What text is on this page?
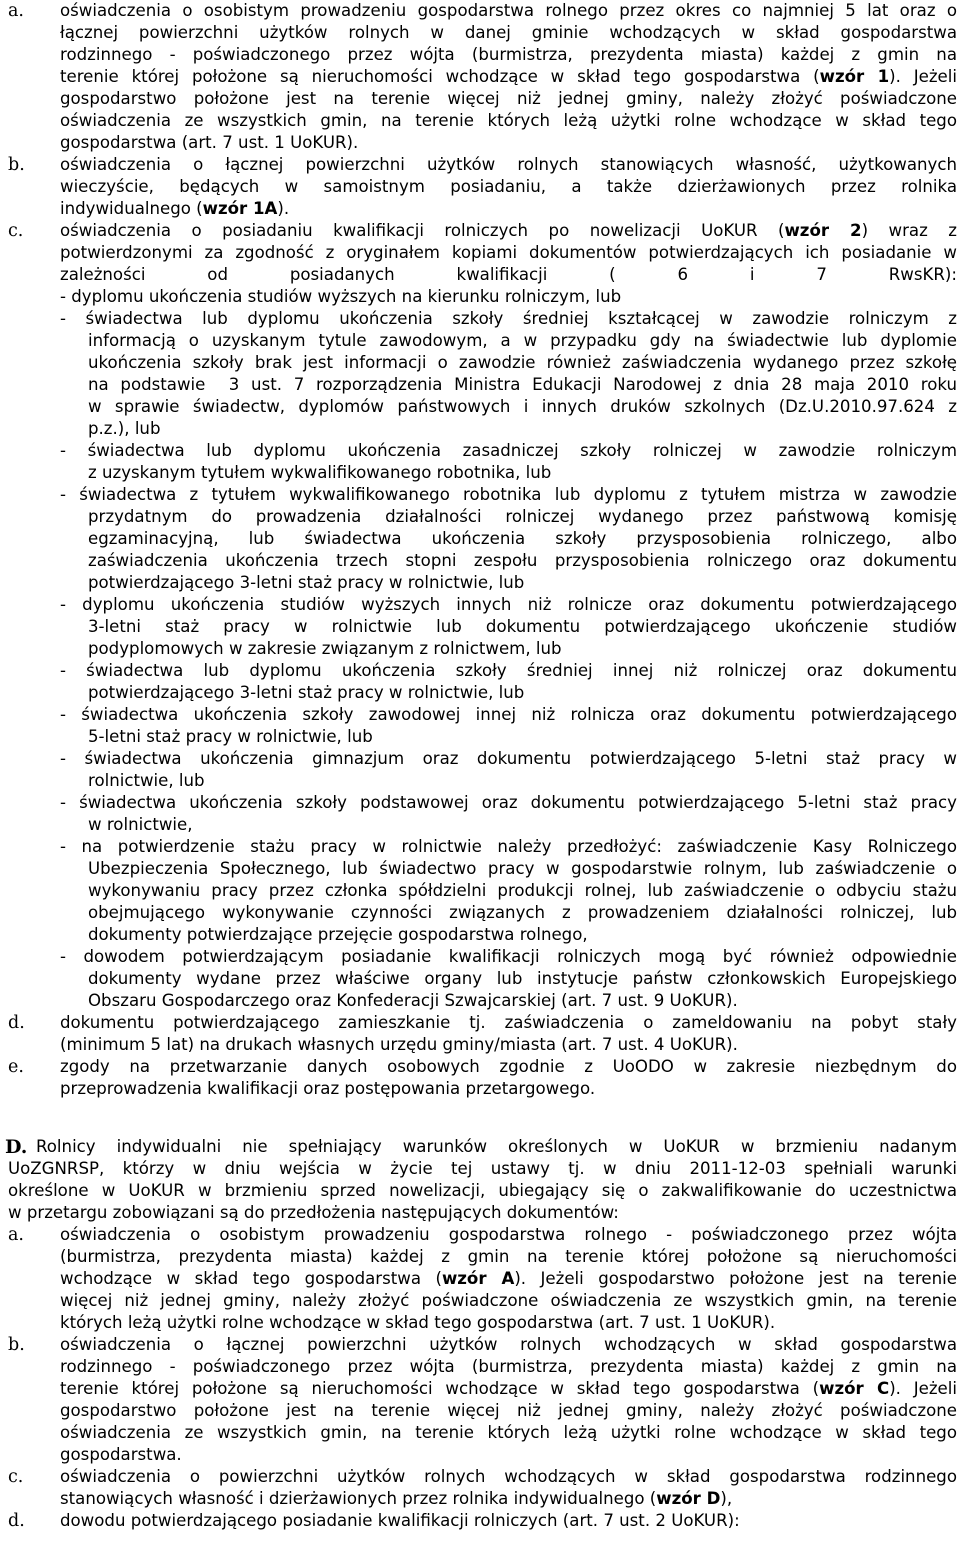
a. oświadczenia o osobistym prowadzeniu gospodarstwa rolnego przez okres co najmniej 5 lat oraz o
łącznej powierzchni użytków rolnych w danej gminie wchodzących w skład gospodarstwa
rodzinnego - poświadczonego przez wójta (burmistrza, prezydenta miasta) każdej z gmin na
terenie której położone są nieruchomości wchodzące w skład tego gospodarstwa (wzór 1). Jeżeli
gospodarstwo położone jest na terenie więcej niż jednej gminy, należy złożyć poświadczone
oświadczenia ze wszystkich gmin, na terenie których leżą użytki rolne wchodzące w skład tego
gospodarstwa (art. 7 ust. 1 UoKUR).
b. oświadczenia o łącznej powierzchni użytków rolnych stanowiących własność, użytkowanych
wieczyście, będących w samoistnym posiadaniu, a także dzierżawionych przez rolnika
indywidualnego (wzór 1A).
c. oświadczenia o posiadaniu kwalifikacji rolniczych po nowelizacji UoKUR (wzór 2) wraz z
potwierdzonymi za zgodność z oryginałem kopiami dokumentów potwierdzających ich posiadanie w
zależności od posiadanych kwalifikacji ( 6 i 7 RwsKR):
- dyplomu ukończenia studiów wyższych na kierunku rolniczym, lub
- świadectwa lub dyplomu ukończenia szkoły średniej kształcącej w zawodzie rolniczym z
informacją o uzyskanym tytule zawodowym, a w przypadku gdy na świadectwie lub dyplomie
ukończenia szkoły brak jest informacji o zawodzie również zaświadczenia wydanego przez szkołę
na podstawie  3 ust. 7 rozporządzenia Ministra Edukacji Narodowej z dnia 28 maja 2010 roku
w sprawie świadectw, dyplomów państwowych i innych druków szkolnych (Dz.U.2010.97.624 z
p.z.), lub
- świadectwa lub dyplomu ukończenia zasadniczej szkoły rolniczej w zawodzie rolniczym
z uzyskanym tytułem wykwalifikowanego robotnika, lub
- świadectwa z tytułem wykwalifikowanego robotnika lub dyplomu z tytułem mistrza w zawodzie
przydatnym do prowadzenia działalności rolniczej wydanego przez państwową komisję
egzaminacyjną, lub świadectwa ukończenia szkoły przysposobienia rolniczego, albo
zaświadczenia ukończenia trzech stopni zespołu przysposobienia rolniczego oraz dokumentu
potwierdzającego 3-letni staż pracy w rolnictwie, lub
- dyplomu ukończenia studiów wyższych innych niż rolnicze oraz dokumentu potwierdzającego
3-letni staż pracy w rolnictwie lub dokumentu potwierdzającego ukończenie studiów
podyplomowych w zakresie związanym z rolnictwem, lub
- świadectwa lub dyplomu ukończenia szkoły średniej innej niż rolniczej oraz dokumentu
potwierdzającego 3-letni staż pracy w rolnictwie, lub
- świadectwa ukończenia szkoły zawodowej innej niż rolnicza oraz dokumentu potwierdzającego
5-letni staż pracy w rolnictwie, lub
- świadectwa ukończenia gimnazjum oraz dokumentu potwierdzającego 5-letni staż pracy w
rolnictwie, lub
- świadectwa ukończenia szkoły podstawowej oraz dokumentu potwierdzającego 5-letni staż pracy
w rolnictwie,
- na potwierdzenie stażu pracy w rolnictwie należy przedłożyć: zaświadczenie Kasy Rolniczego
Ubezpieczenia Społecznego, lub świadectwo pracy w gospodarstwie rolnym, lub zaświadczenie o
wykonywaniu pracy przez członka spółdzielni produkcji rolnej, lub zaświadczenie o odbyciu stażu
obejmującego wykonywanie czynności związanych z prowadzeniem działalności rolniczej, lub
dokumenty potwierdzające przejęcie gospodarstwa rolnego,
- dowodem potwierdzającym posiadanie kwalifikacji rolniczych mogą być również odpowiednie
dokumenty wydane przez właściwe organy lub instytucje państw członkowskich Europejskiego
Obszaru Gospodarczego oraz Konfederacji Szwajcarskiej (art. 7 ust. 9 UoKUR).
d. dokumentu potwierdzającego zamieszkanie tj. zaświadczenia o zameldowaniu na pobyt stały
(minimum 5 lat) na drukach własnych urzędu gminy/miasta (art. 7 ust. 4 UoKUR).
e. zgody na przetwarzanie danych osobowych zgodnie z UoODO w zakresie niezbędnym do
przeprowadzenia kwalifikacji oraz postępowania przetargowego.
D. Rolnicy indywidualni nie spełniający warunków określonych w UoKUR w brzmieniu nadanym
UoZGNRSP, którzy w dniu wejścia w życie tej ustawy tj. w dniu 2011-12-03 spełniali warunki
określone w UoKUR w brzmieniu sprzed nowelizacji, ubiegający się o zakwalifikowanie do uczestnictwa
w przetargu zobowiązani są do przedłożenia następujących dokumentów:
a. oświadczenia o osobistym prowadzeniu gospodarstwa rolnego - poświadczonego przez wójta
(burmistrza, prezydenta miasta) każdej z gmin na terenie której położone są nieruchomości
wchodzące w skład tego gospodarstwa (wzór A). Jeżeli gospodarstwo położone jest na terenie
więcej niż jednej gminy, należy złożyć poświadczone oświadczenia ze wszystkich gmin, na terenie
których leżą użytki rolne wchodzące w skład tego gospodarstwa (art. 7 ust. 1 UoKUR).
b. oświadczenia o łącznej powierzchni użytków rolnych wchodzących w skład gospodarstwa
rodzinnego - poświadczonego przez wójta (burmistrza, prezydenta miasta) każdej z gmin na
terenie której położone są nieruchomości wchodzące w skład tego gospodarstwa (wzór C). Jeżeli
gospodarstwo położone jest na terenie więcej niż jednej gminy, należy złożyć poświadczone
oświadczenia ze wszystkich gmin, na terenie których leżą użytki rolne wchodzące w skład tego
gospodarstwa.
c. oświadczenia o powierzchni użytków rolnych wchodzących w skład gospodarstwa rodzinnego
stanowiących własność i dzierżawionych przez rolnika indywidualnego (wzór D),
d. dowodu potwierdzającego posiadanie kwalifikacji rolniczych (art. 7 ust. 2 UoKUR):
